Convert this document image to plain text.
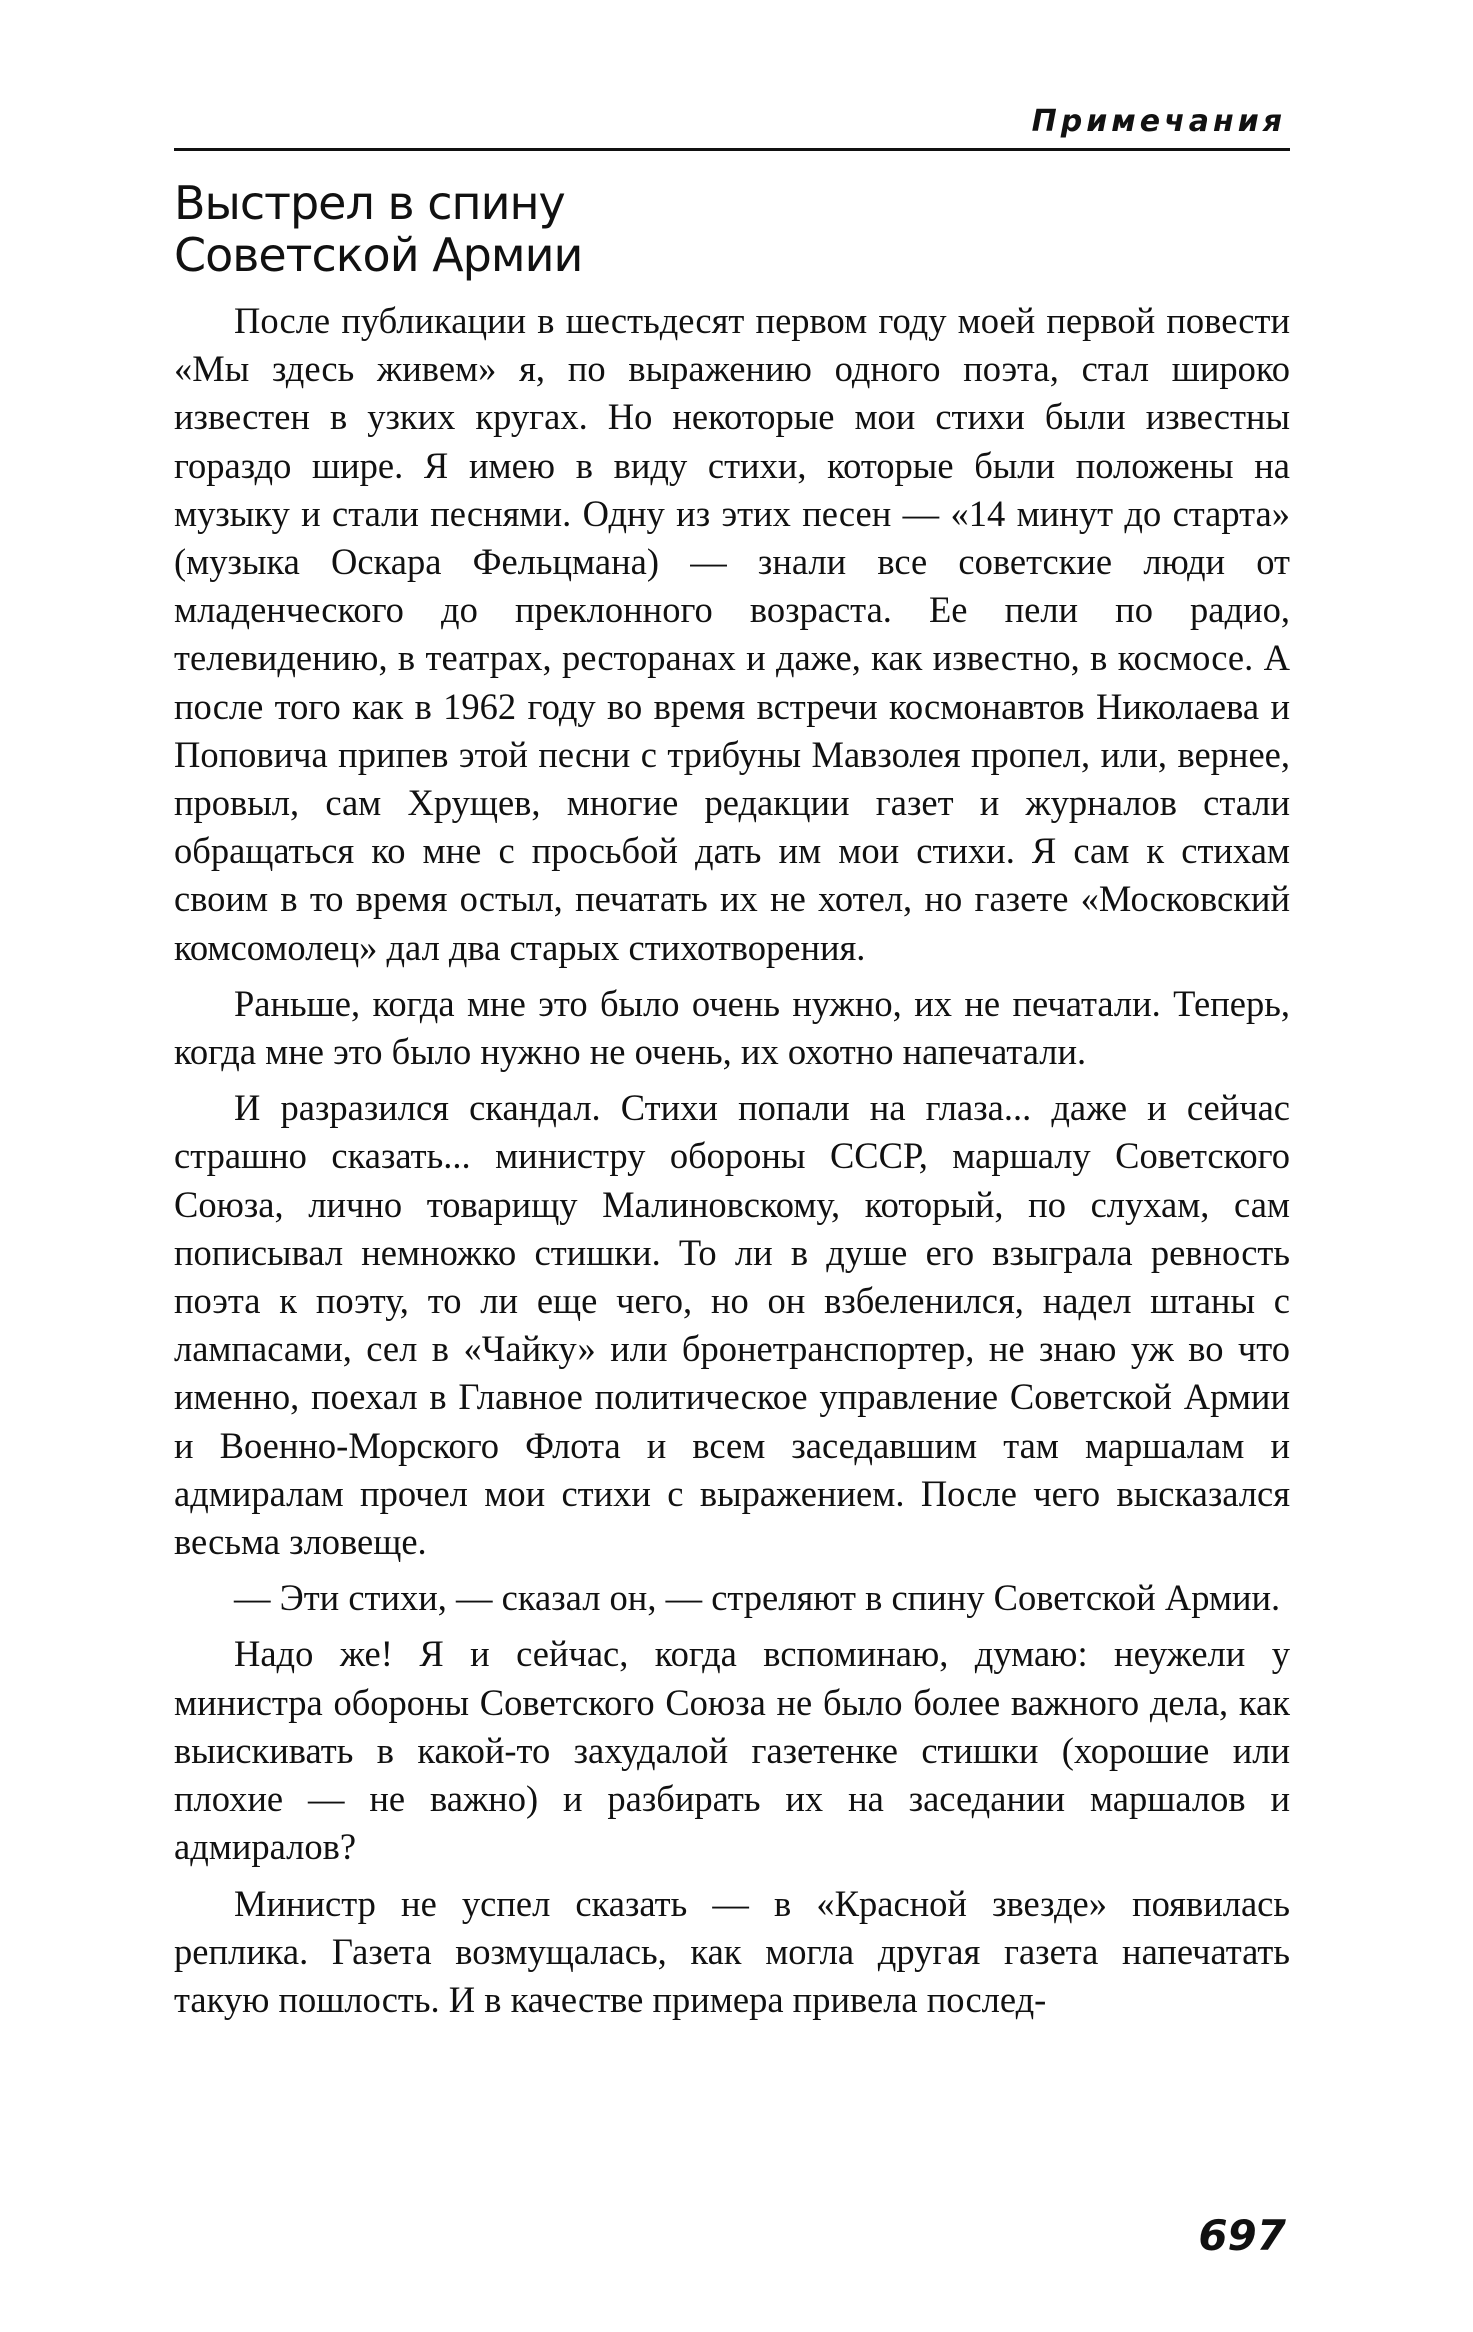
Примечания
Выстрел в спину
Советской Армии

После публикации в шестьдесят первом году моей первой повести «Мы здесь живем» я, по выражению одного поэта, стал широко известен в узких кругах. Но некоторые мои стихи были известны гораздо шире. Я имею в виду стихи, которые были положены на музыку и стали песнями. Одну из этих песен — «14 минут до старта» (музыка Оскара Фельцмана) — знали все советские люди от младенческого до преклонного возраста. Ее пели по радио, телевидению, в театрах, ресторанах и даже, как известно, в космосе. А после того как в 1962 году во время встречи космонавтов Николаева и Поповича припев этой песни с трибуны Мавзолея пропел, или, вернее, провыл, сам Хрущев, многие редакции газет и журналов стали обращаться ко мне с просьбой дать им мои стихи. Я сам к стихам своим в то время остыл, печатать их не хотел, но газете «Московский комсомолец» дал два старых стихотворения.

Раньше, когда мне это было очень нужно, их не печатали. Теперь, когда мне это было нужно не очень, их охотно напечатали.

И разразился скандал. Стихи попали на глаза... даже и сейчас страшно сказать... министру обороны СССР, маршалу Советского Союза, лично товарищу Малиновскому, который, по слухам, сам пописывал немножко стишки. То ли в душе его взыграла ревность поэта к поэту, то ли еще чего, но он взбеленился, надел штаны с лампасами, сел в «Чайку» или бронетранспортер, не знаю уж во что именно, поехал в Главное политическое управление Советской Армии и Военно-Морского Флота и всем заседавшим там маршалам и адмиралам прочел мои стихи с выражением. После чего высказался весьма зловеще.

— Эти стихи, — сказал он, — стреляют в спину Советской Армии.

Надо же! Я и сейчас, когда вспоминаю, думаю: неужели у министра обороны Советского Союза не было более важного дела, как выискивать в какой-то захудалой газетенке стишки (хорошие или плохие — не важно) и разбирать их на заседании маршалов и адмиралов?

Министр не успел сказать — в «Красной звезде» появилась реплика. Газета возмущалась, как могла другая газета напечатать такую пошлость. И в качестве примера привела послед-

697
